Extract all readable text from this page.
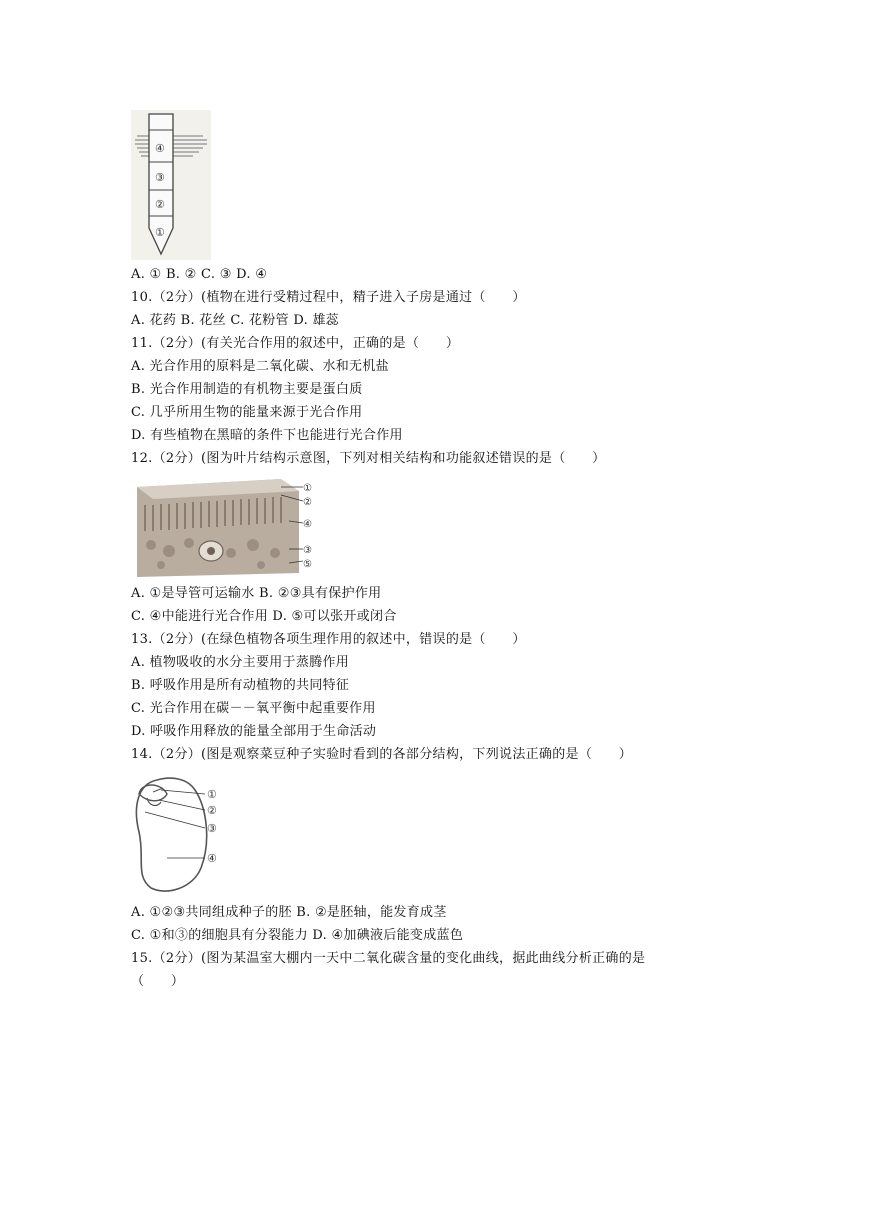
④
③
②
①
A. ① B. ② C. ③ D. ④
10.（2分）(植物在进行受精过程中，精子进入子房是通过（　　）
A. 花药 B. 花丝 C. 花粉管 D. 雄蕊
11.（2分）(有关光合作用的叙述中，正确的是（　　）
A. 光合作用的原料是二氧化碳、水和无机盐
B. 光合作用制造的有机物主要是蛋白质
C. 几乎所用生物的能量来源于光合作用
D. 有些植物在黑暗的条件下也能进行光合作用
12.（2分）(图为叶片结构示意图，下列对相关结构和功能叙述错误的是（　　）
①
②
④
③
⑤
A. ①是导管可运输水 B. ②③具有保护作用
C. ④中能进行光合作用 D. ⑤可以张开或闭合
13.（2分）(在绿色植物各项生理作用的叙述中，错误的是（　　）
A. 植物吸收的水分主要用于蒸腾作用
B. 呼吸作用是所有动植物的共同特征
C. 光合作用在碳－－氧平衡中起重要作用
D. 呼吸作用释放的能量全部用于生命活动
14.（2分）(图是观察菜豆种子实验时看到的各部分结构，下列说法正确的是（　　）
①
②
③
④
A. ①②③共同组成种子的胚 B. ②是胚轴，能发育成茎
C. ①和③的细胞具有分裂能力 D. ④加碘液后能变成蓝色
15.（2分）(图为某温室大棚内一天中二氧化碳含量的变化曲线，据此曲线分析正确的是
（　　）
